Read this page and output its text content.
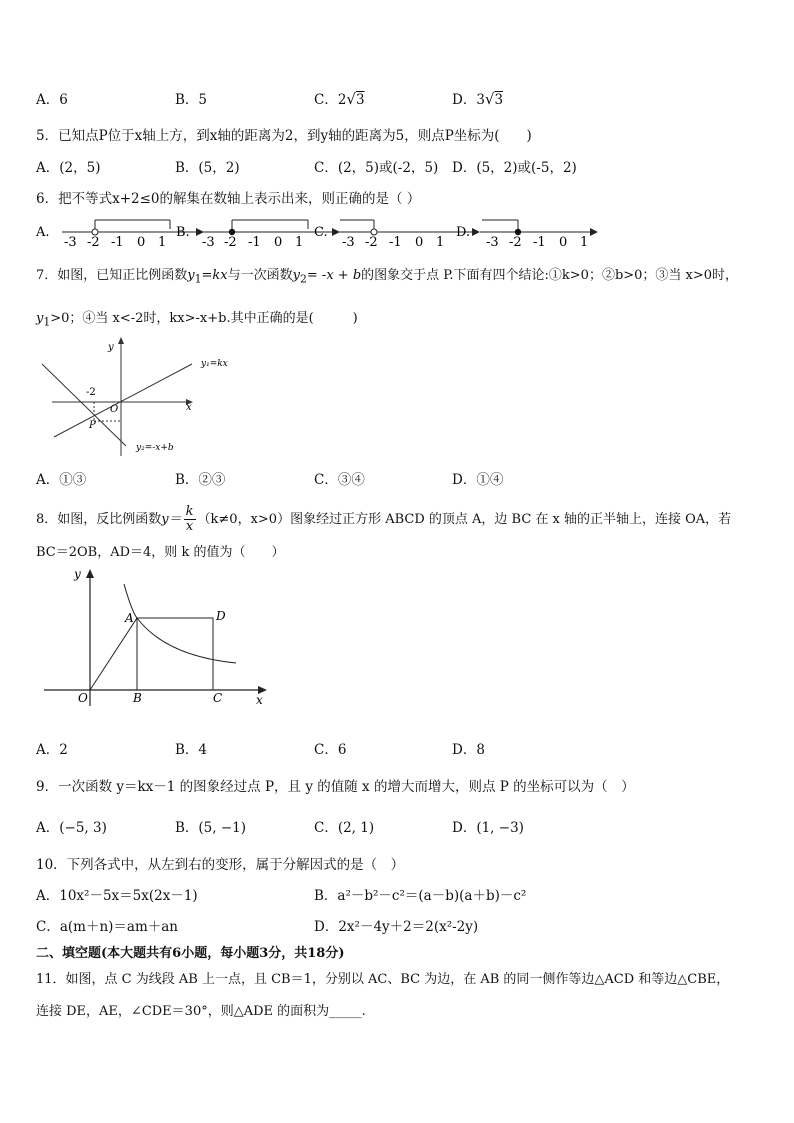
A．6	B．5	C．2√3	D．3√3
5．已知点P位于x轴上方，到x轴的距离为2，到y轴的距离为5，则点P坐标为(　　)
A．(2，5)	B．(5，2)	C．(2，5)或(-2，5) D．(5，2)或(-5，2)
6．把不等式x+2≤0的解集在数轴上表示出来，则正确的是（ ）
A.
-3 -2 -1 0 1
B.
-3 -2 -1 0 1
C.
-3 -2 -1 0 1
D.
-3 -2 -1 0 1
7．如图，已知正比例函数$y_1=kx$与一次函数$y_2= -x + b$的图象交于点 P.下面有四个结论:①k>0；②b>0；③当 x>0时，
$y_1>0$；④当 x<-2时，kx>-x+b.其中正确的是(　　　)
y
x
O
P
-2
y₁=kx
y₂=-x+b
A．①③	B．②③	C．③④	D．①④
8．如图，反比例函数$y= \frac{k}{x} (k\ne 0$，x>0）图象经过正方形 ABCD 的顶点 A，边 BC 在 x 轴的正半轴上，连接 OA，若
BC＝2OB，AD＝4，则 k 的值为（　　）
y
x
O
A
B	C
D
A．2	B．4	C．6	D．8
9．一次函数 y＝kx－1 的图象经过点 P，且 y 的值随 x 的增大而增大，则点 P 的坐标可以为（　）
A．(−5, 3)	B．(5, −1)	C．(2, 1)	D．(1, −3)
10．下列各式中，从左到右的变形，属于分解因式的是（　）
A．10x²－5x＝5x(2x－1)	B．a²－b²－c²＝(a－b)(a＋b)－c²
C．a(m＋n)＝am＋an	D．2x²－4y＋2＝2(x²-2y)
二、填空题(本大题共有6小题，每小题3分，共18分)
11．如图，点 C 为线段 AB 上一点，且 CB＝1，分别以 AC、BC 为边，在 AB 的同一侧作等边△ACD 和等边△CBE，
连接 DE，AE，∠CDE＝30°，则△ADE 的面积为_____.
